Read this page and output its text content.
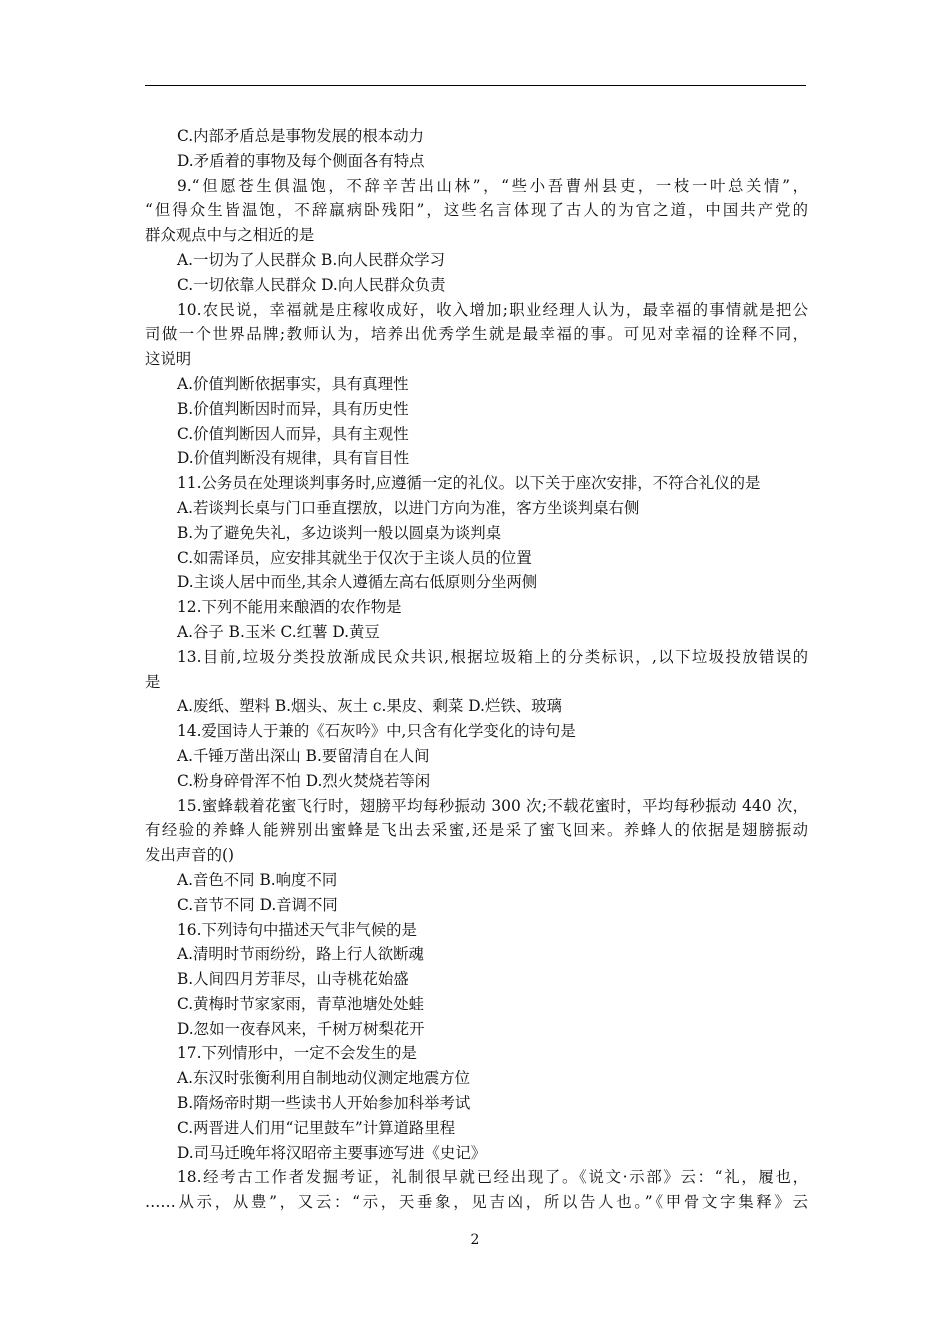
C.内部矛盾总是事物发展的根本动力
D.矛盾着的事物及每个侧面各有特点
9.“但愿苍生俱温饱，不辞辛苦出山林”，“些小吾曹州县吏，一枝一叶总关情”，
“但得众生皆温饱，不辞羸病卧残阳”，这些名言体现了古人的为官之道，中国共产党的
群众观点中与之相近的是
A.一切为了人民群众 B.向人民群众学习
C.一切依靠人民群众 D.向人民群众负责
10.农民说，幸福就是庄稼收成好，收入增加;职业经理人认为，最幸福的事情就是把公
司做一个世界品牌;教师认为，培养出优秀学生就是最幸福的事。可见对幸福的诠释不同，
这说明
A.价值判断依据事实，具有真理性
B.价值判断因时而异，具有历史性
C.价值判断因人而异，具有主观性
D.价值判断没有规律，具有盲目性
11.公务员在处理谈判事务时,应遵循一定的礼仪。以下关于座次安排，不符合礼仪的是
A.若谈判长桌与门口垂直摆放，以进门方向为准，客方坐谈判桌右侧
B.为了避免失礼，多边谈判一般以圆桌为谈判桌
C.如需译员，应安排其就坐于仅次于主谈人员的位置
D.主谈人居中而坐,其余人遵循左高右低原则分坐两侧
12.下列不能用来酿酒的农作物是
A.谷子 B.玉米 C.红薯 D.黄豆
13.目前,垃圾分类投放渐成民众共识,根据垃圾箱上的分类标识，,以下垃圾投放错误的
是
A.废纸、塑料 B.烟头、灰土 c.果皮、剩菜 D.烂铁、玻璃
14.爱国诗人于兼的《石灰吟》中,只含有化学变化的诗句是
A.千锤万凿出深山 B.要留清自在人间
C.粉身碎骨浑不怕 D.烈火焚烧若等闲
15.蜜蜂载着花蜜飞行时，翅膀平均每秒振动 300 次;不载花蜜时，平均每秒振动 440 次，
有经验的养蜂人能辨别出蜜蜂是飞出去采蜜,还是采了蜜飞回来。养蜂人的依据是翅膀振动
发出声音的()
A.音色不同 B.响度不同
C.音节不同 D.音调不同
16.下列诗句中描述天气非气候的是
A.清明时节雨纷纷，路上行人欲断魂
B.人间四月芳菲尽，山寺桃花始盛
C.黄梅时节家家雨，青草池塘处处蛙
D.忽如一夜春风来，千树万树梨花开
17.下列情形中，一定不会发生的是
A.东汉时张衡利用自制地动仪测定地震方位
B.隋炀帝时期一些读书人开始参加科举考试
C.两晋进人们用“记里鼓车”计算道路里程
D.司马迁晚年将汉昭帝主要事迹写进《史记》
18.经考古工作者发掘考证，礼制很早就已经出现了。《说文·示部》云：“礼，履也，
……从示，从豊”，又云：“示，天垂象，见吉凶，所以告人也。”《甲骨文字集释》云
2
